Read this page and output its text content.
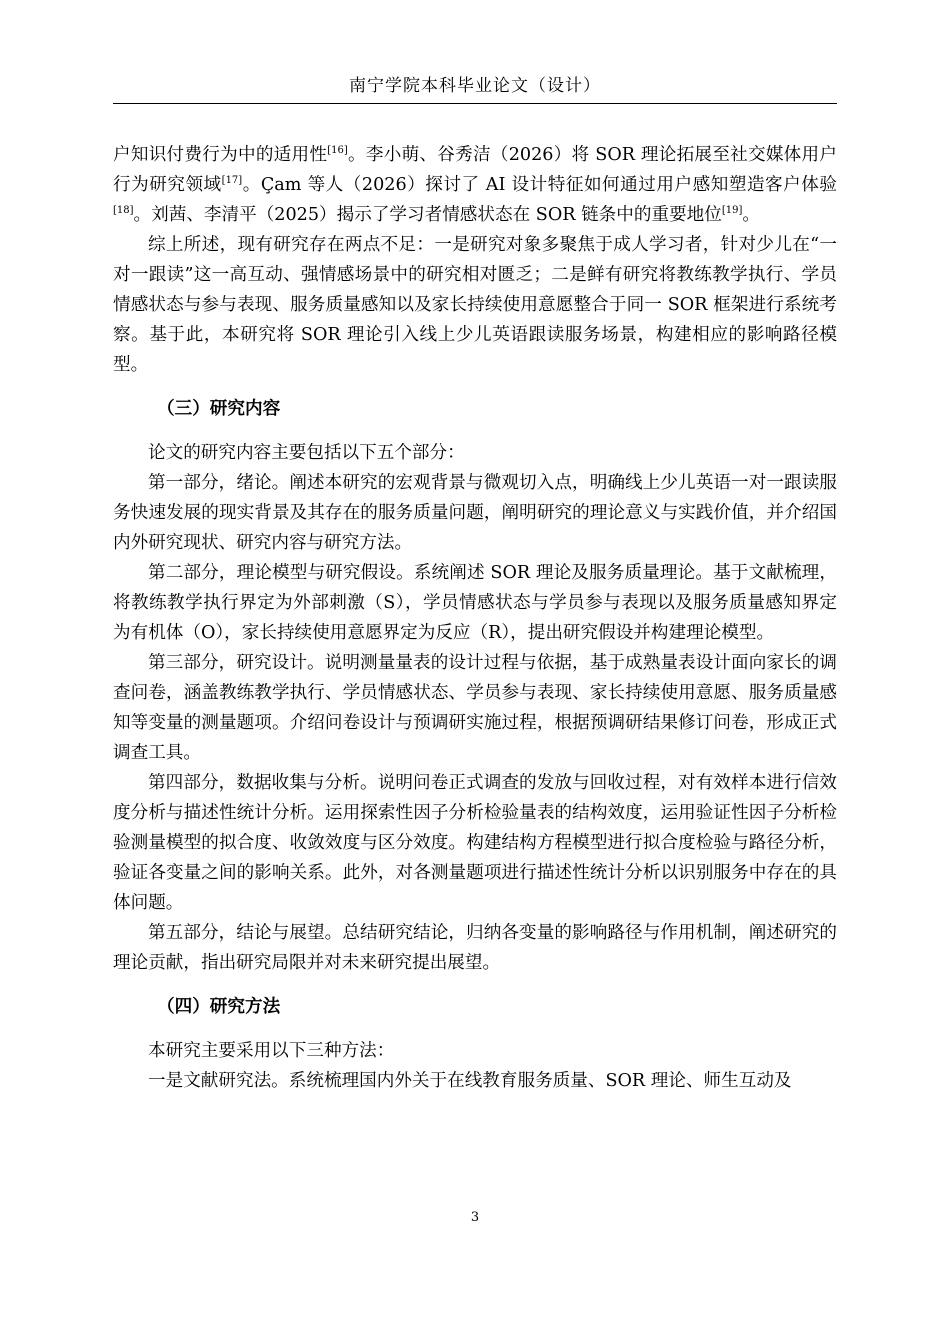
南宁学院本科毕业论文（设计）

户知识付费行为中的适用性[16]。李小萌、谷秀洁（2026）将 SOR 理论拓展至社交媒体用户行为研究领域[17]。Çam 等人（2026）探讨了 AI 设计特征如何通过用户感知塑造客户体验[18]。刘茜、李清平（2025）揭示了学习者情感状态在 SOR 链条中的重要地位[19]。

综上所述，现有研究存在两点不足：一是研究对象多聚焦于成人学习者，针对少儿在“一对一跟读”这一高互动、强情感场景中的研究相对匮乏；二是鲜有研究将教练教学执行、学员情感状态与参与表现、服务质量感知以及家长持续使用意愿整合于同一 SOR 框架进行系统考察。基于此，本研究将 SOR 理论引入线上少儿英语跟读服务场景，构建相应的影响路径模型。

（三）研究内容

论文的研究内容主要包括以下五个部分：

第一部分，绪论。阐述本研究的宏观背景与微观切入点，明确线上少儿英语一对一跟读服务快速发展的现实背景及其存在的服务质量问题，阐明研究的理论意义与实践价值，并介绍国内外研究现状、研究内容与研究方法。

第二部分，理论模型与研究假设。系统阐述 SOR 理论及服务质量理论。基于文献梳理，将教练教学执行界定为外部刺激（S），学员情感状态与学员参与表现以及服务质量感知界定为有机体（O），家长持续使用意愿界定为反应（R），提出研究假设并构建理论模型。

第三部分，研究设计。说明测量量表的设计过程与依据，基于成熟量表设计面向家长的调查问卷，涵盖教练教学执行、学员情感状态、学员参与表现、家长持续使用意愿、服务质量感知等变量的测量题项。介绍问卷设计与预调研实施过程，根据预调研结果修订问卷，形成正式调查工具。

第四部分，数据收集与分析。说明问卷正式调查的发放与回收过程，对有效样本进行信效度分析与描述性统计分析。运用探索性因子分析检验量表的结构效度，运用验证性因子分析检验测量模型的拟合度、收敛效度与区分效度。构建结构方程模型进行拟合度检验与路径分析，验证各变量之间的影响关系。此外，对各测量题项进行描述性统计分析以识别服务中存在的具体问题。

第五部分，结论与展望。总结研究结论，归纳各变量的影响路径与作用机制，阐述研究的理论贡献，指出研究局限并对未来研究提出展望。

（四）研究方法

本研究主要采用以下三种方法：

一是文献研究法。系统梳理国内外关于在线教育服务质量、SOR 理论、师生互动及

3
